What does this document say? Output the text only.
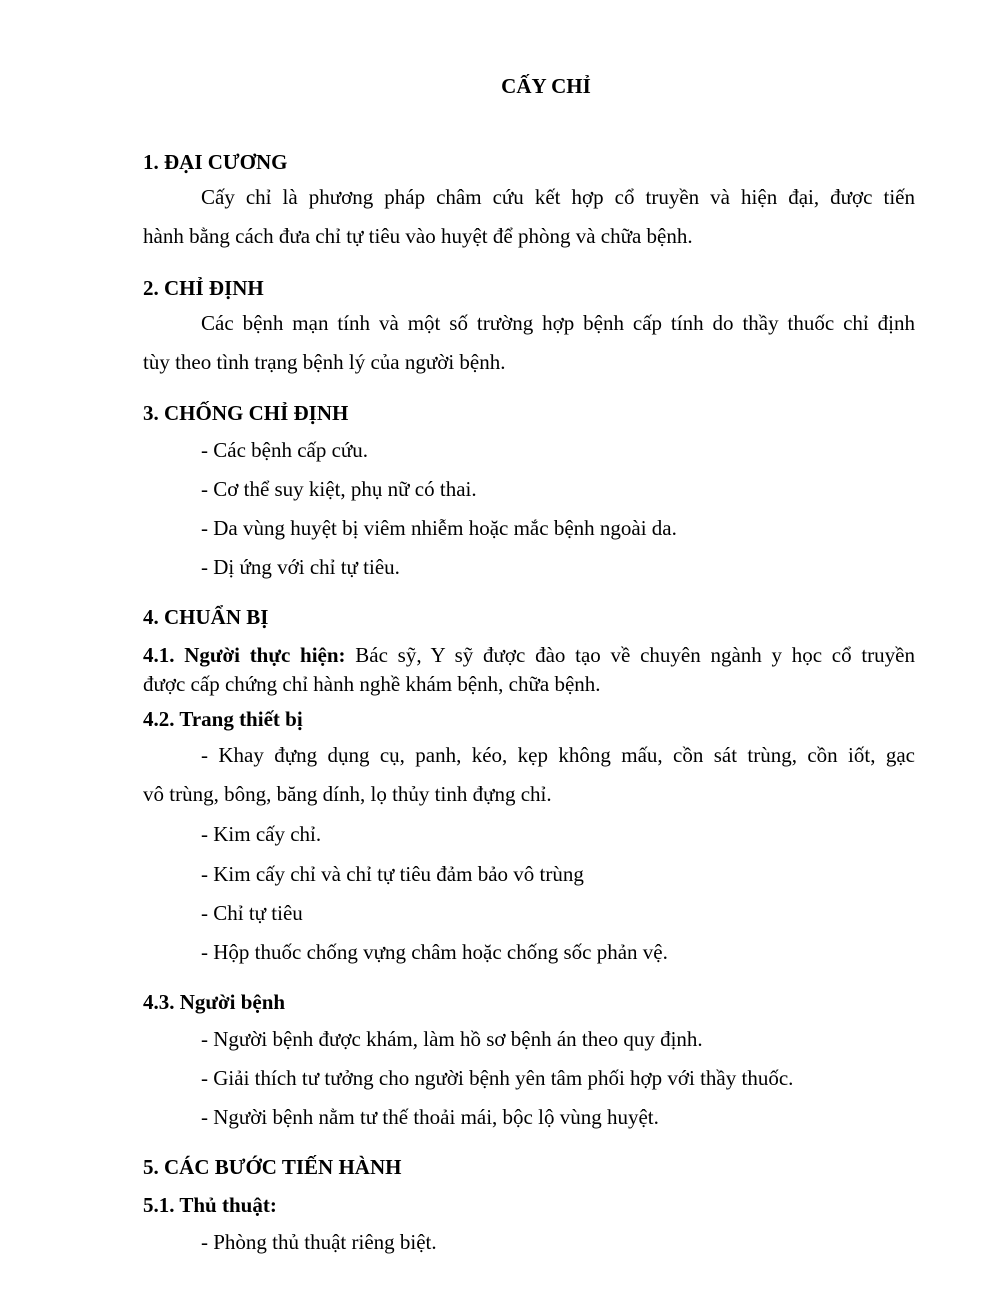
CẤY CHỈ
1. ĐẠI CƯƠNG
Cấy chỉ là phương pháp châm cứu kết hợp cổ truyền và hiện đại, được tiến
hành bằng cách đưa chỉ tự tiêu vào huyệt để phòng và chữa bệnh.
2. CHỈ ĐỊNH
Các bệnh mạn tính và một số trường hợp bệnh cấp tính do thầy thuốc chỉ định
tùy theo tình trạng bệnh lý của người bệnh.
3. CHỐNG CHỈ ĐỊNH
- Các bệnh cấp cứu.
- Cơ thể suy kiệt, phụ nữ có thai.
- Da vùng huyệt bị viêm nhiễm hoặc mắc bệnh ngoài da.
- Dị ứng với chỉ tự tiêu.
4. CHUẨN BỊ
4.1. Người thực hiện: Bác sỹ, Y sỹ được đào tạo về chuyên ngành y học cổ truyền
được cấp chứng chỉ hành nghề khám bệnh, chữa bệnh.
4.2. Trang thiết bị
- Khay đựng dụng cụ, panh, kéo, kẹp không mấu, cồn sát trùng, cồn iốt, gạc
vô trùng, bông, băng dính, lọ thủy tinh đựng chỉ.
- Kim cấy chỉ.
- Kim cấy chỉ và chỉ tự tiêu đảm bảo vô trùng
- Chỉ tự tiêu
- Hộp thuốc chống vựng châm hoặc chống sốc phản vệ.
4.3. Người bệnh
- Người bệnh được khám, làm hồ sơ bệnh án theo quy định.
- Giải thích tư tưởng cho người bệnh yên tâm phối hợp với thầy thuốc.
- Người bệnh nằm tư thế thoải mái, bộc lộ vùng huyệt.
5. CÁC BƯỚC TIẾN HÀNH
5.1. Thủ thuật:
- Phòng thủ thuật riêng biệt.
